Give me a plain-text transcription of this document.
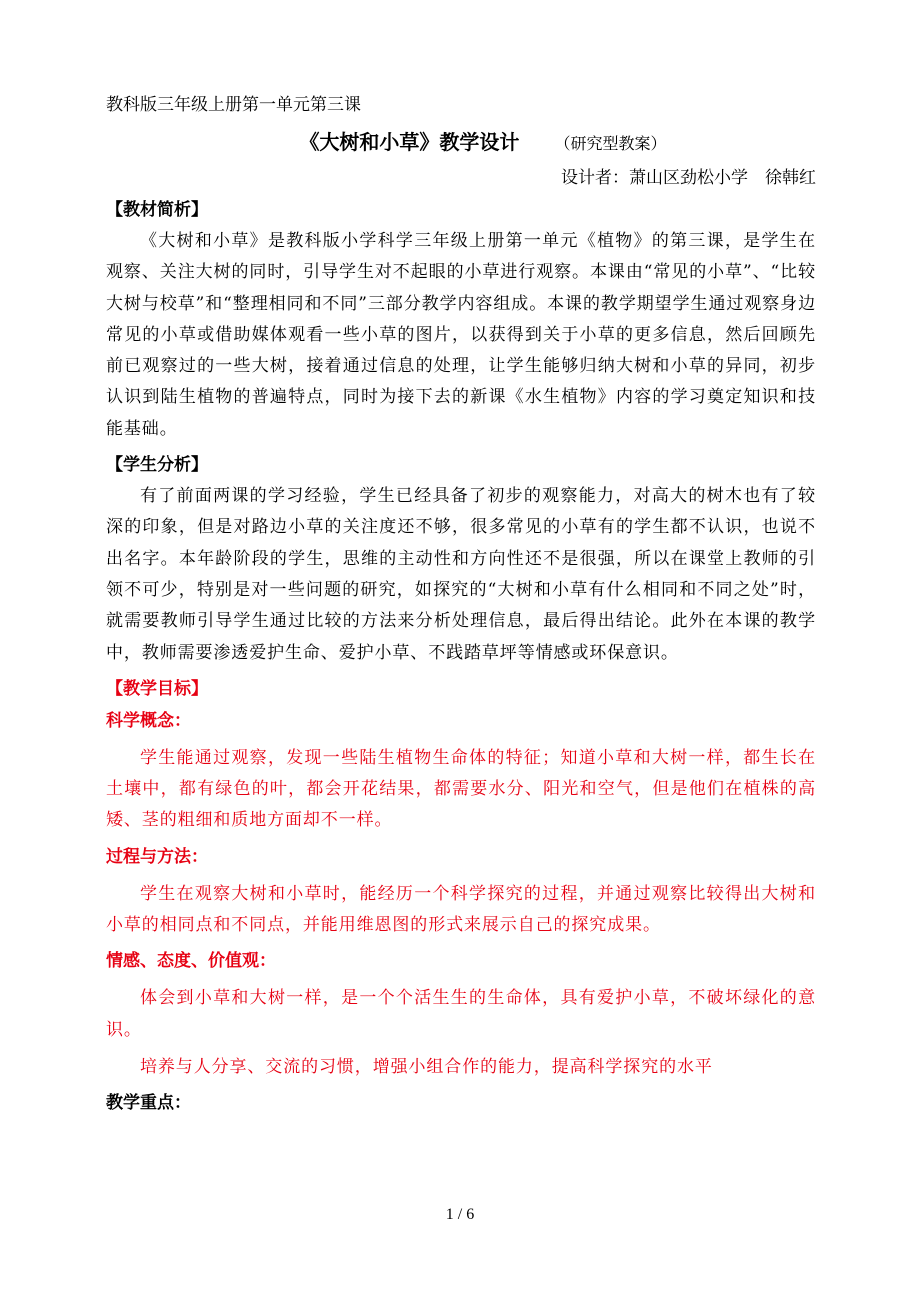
教科版三年级上册第一单元第三课
《大树和小草》教学设计 （研究型教案）
设计者：萧山区劲松小学　徐韩红
【教材简析】

《大树和小草》是教科版小学科学三年级上册第一单元《植物》的第三课，是学生在观察、关注大树的同时，引导学生对不起眼的小草进行观察。本课由“常见的小草”、“比较大树与校草”和“整理相同和不同”三部分教学内容组成。本课的教学期望学生通过观察身边常见的小草或借助媒体观看一些小草的图片，以获得到关于小草的更多信息，然后回顾先前已观察过的一些大树，接着通过信息的处理，让学生能够归纳大树和小草的异同，初步认识到陆生植物的普遍特点，同时为接下去的新课《水生植物》内容的学习奠定知识和技能基础。

【学生分析】

有了前面两课的学习经验，学生已经具备了初步的观察能力，对高大的树木也有了较深的印象，但是对路边小草的关注度还不够，很多常见的小草有的学生都不认识，也说不出名字。本年龄阶段的学生，思维的主动性和方向性还不是很强，所以在课堂上教师的引领不可少，特别是对一些问题的研究，如探究的“大树和小草有什么相同和不同之处”时，就需要教师引导学生通过比较的方法来分析处理信息，最后得出结论。此外在本课的教学中，教师需要渗透爱护生命、爱护小草、不践踏草坪等情感或环保意识。

【教学目标】
科学概念：

学生能通过观察，发现一些陆生植物生命体的特征；知道小草和大树一样，都生长在土壤中，都有绿色的叶，都会开花结果，都需要水分、阳光和空气，但是他们在植株的高矮、茎的粗细和质地方面却不一样。

过程与方法：

学生在观察大树和小草时，能经历一个科学探究的过程，并通过观察比较得出大树和小草的相同点和不同点，并能用维恩图的形式来展示自己的探究成果。

情感、态度、价值观：

体会到小草和大树一样，是一个个活生生的生命体，具有爱护小草，不破坏绿化的意识。

培养与人分享、交流的习惯，增强小组合作的能力，提高科学探究的水平

教学重点：
1 / 6
